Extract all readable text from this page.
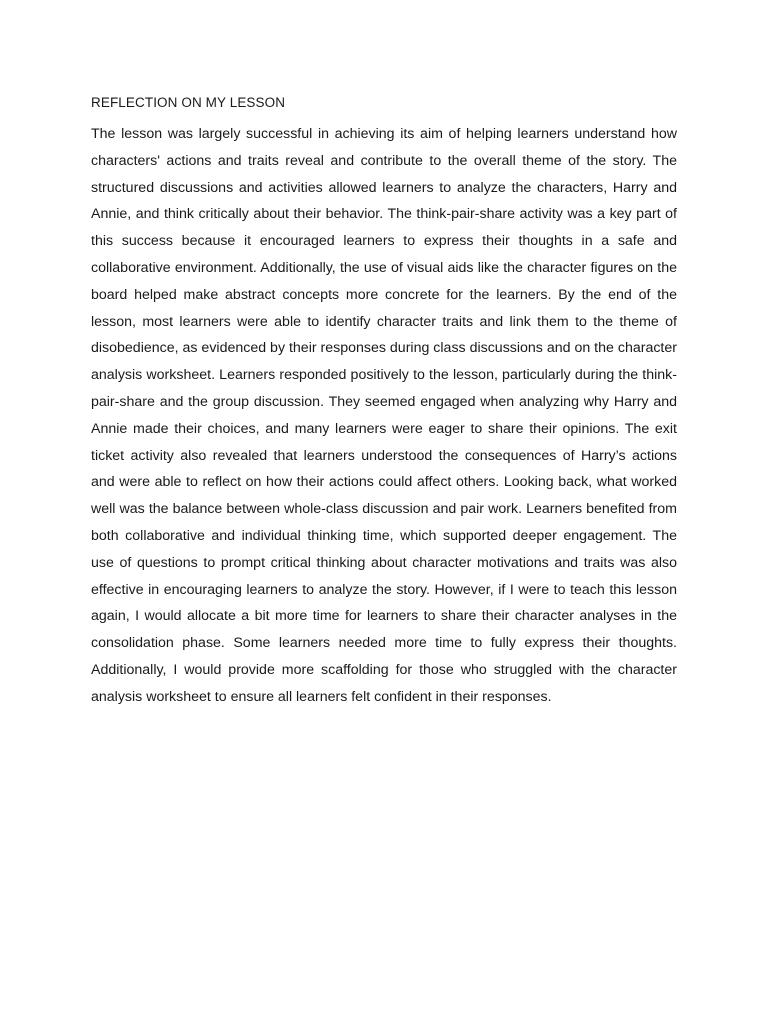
REFLECTION ON MY LESSON

The lesson was largely successful in achieving its aim of helping learners understand how characters' actions and traits reveal and contribute to the overall theme of the story. The structured discussions and activities allowed learners to analyze the characters, Harry and Annie, and think critically about their behavior. The think-pair-share activity was a key part of this success because it encouraged learners to express their thoughts in a safe and collaborative environment. Additionally, the use of visual aids like the character figures on the board helped make abstract concepts more concrete for the learners. By the end of the lesson, most learners were able to identify character traits and link them to the theme of disobedience, as evidenced by their responses during class discussions and on the character analysis worksheet. Learners responded positively to the lesson, particularly during the think-pair-share and the group discussion. They seemed engaged when analyzing why Harry and Annie made their choices, and many learners were eager to share their opinions. The exit ticket activity also revealed that learners understood the consequences of Harry’s actions and were able to reflect on how their actions could affect others. Looking back, what worked well was the balance between whole-class discussion and pair work. Learners benefited from both collaborative and individual thinking time, which supported deeper engagement. The use of questions to prompt critical thinking about character motivations and traits was also effective in encouraging learners to analyze the story. However, if I were to teach this lesson again, I would allocate a bit more time for learners to share their character analyses in the consolidation phase. Some learners needed more time to fully express their thoughts. Additionally, I would provide more scaffolding for those who struggled with the character analysis worksheet to ensure all learners felt confident in their responses.
